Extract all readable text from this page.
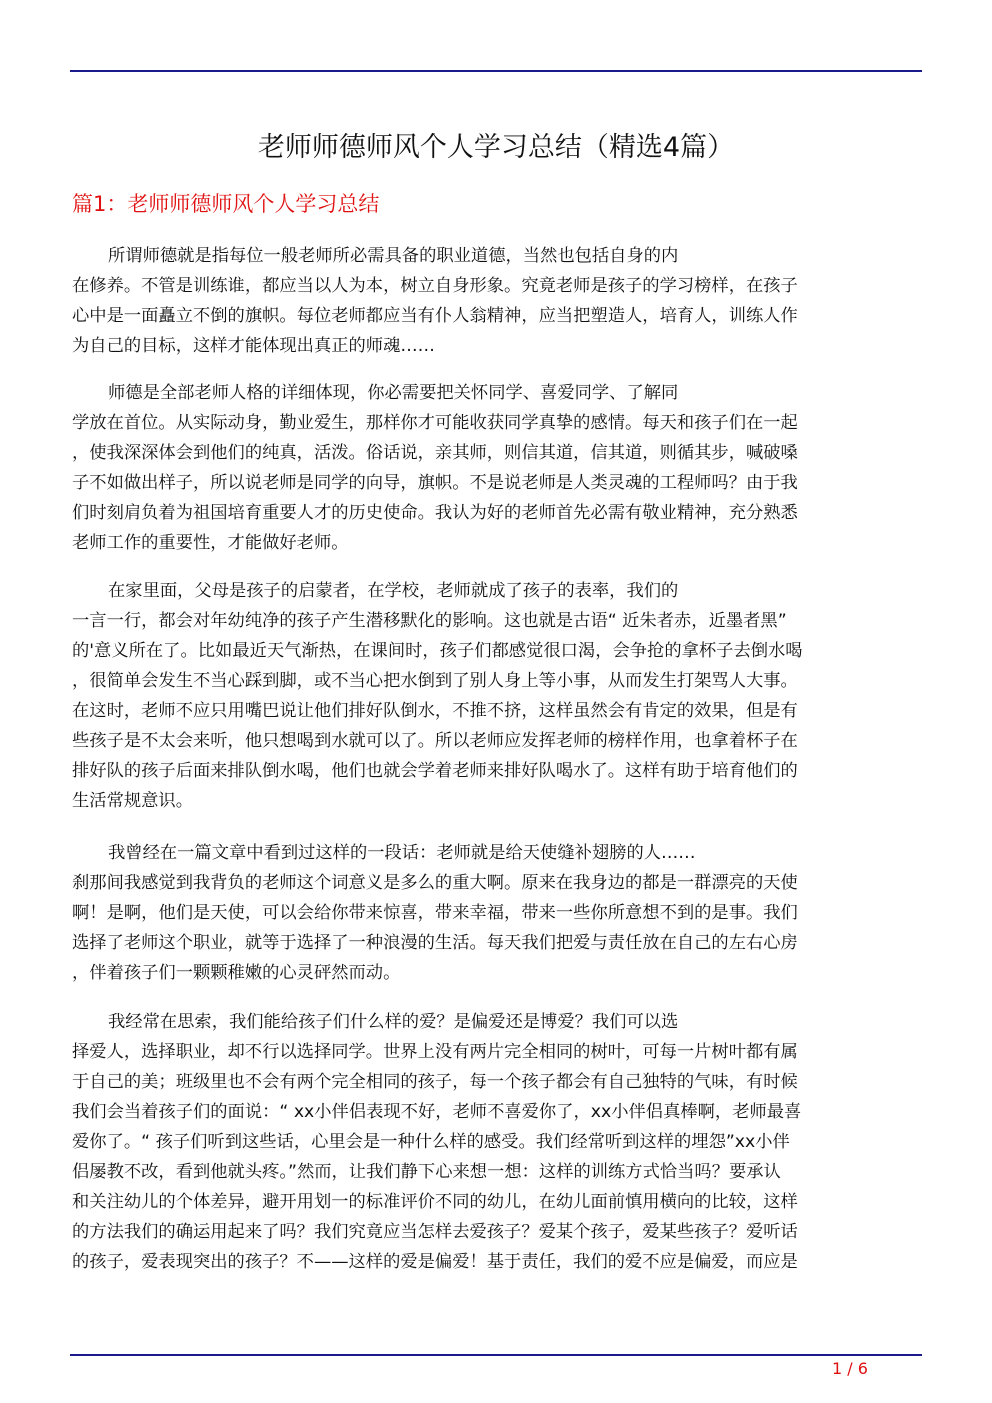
老师师德师风个人学习总结（精选4篇）
篇1：老师师德师风个人学习总结
所谓师德就是指每位一般老师所必需具备的职业道德，当然也包括自身的内
在修养。不管是训练谁，都应当以人为本，树立自身形象。究竟老师是孩子的学习榜样，在孩子
心中是一面矗立不倒的旗帜。每位老师都应当有仆人翁精神，应当把塑造人，培育人，训练人作
为自己的目标，这样才能体现出真正的师魂……
师德是全部老师人格的详细体现，你必需要把关怀同学、喜爱同学、了解同
学放在首位。从实际动身，勤业爱生，那样你才可能收获同学真挚的感情。每天和孩子们在一起
，使我深深体会到他们的纯真，活泼。俗话说，亲其师，则信其道，信其道，则循其步，喊破嗓
子不如做出样子，所以说老师是同学的向导，旗帜。不是说老师是人类灵魂的工程师吗？由于我
们时刻肩负着为祖国培育重要人才的历史使命。我认为好的老师首先必需有敬业精神，充分熟悉
老师工作的重要性，才能做好老师。
在家里面，父母是孩子的启蒙者，在学校，老师就成了孩子的表率，我们的
一言一行，都会对年幼纯净的孩子产生潜移默化的影响。这也就是古语“ 近朱者赤，近墨者黑”
的'意义所在了。比如最近天气渐热，在课间时，孩子们都感觉很口渴，会争抢的拿杯子去倒水喝
，很简单会发生不当心踩到脚，或不当心把水倒到了别人身上等小事，从而发生打架骂人大事。
在这时，老师不应只用嘴巴说让他们排好队倒水，不推不挤，这样虽然会有肯定的效果，但是有
些孩子是不太会来听，他只想喝到水就可以了。所以老师应发挥老师的榜样作用，也拿着杯子在
排好队的孩子后面来排队倒水喝，他们也就会学着老师来排好队喝水了。这样有助于培育他们的
生活常规意识。
我曾经在一篇文章中看到过这样的一段话：老师就是给天使缝补翅膀的人……
刹那间我感觉到我背负的老师这个词意义是多么的重大啊。原来在我身边的都是一群漂亮的天使
啊！是啊，他们是天使，可以会给你带来惊喜，带来幸福，带来一些你所意想不到的是事。我们
选择了老师这个职业，就等于选择了一种浪漫的生活。每天我们把爱与责任放在自己的左右心房
，伴着孩子们一颗颗稚嫩的心灵砰然而动。
我经常在思索，我们能给孩子们什么样的爱？是偏爱还是博爱？我们可以选
择爱人，选择职业，却不行以选择同学。世界上没有两片完全相同的树叶，可每一片树叶都有属
于自己的美；班级里也不会有两个完全相同的孩子，每一个孩子都会有自己独特的气味，有时候
我们会当着孩子们的面说：“ xx小伴侣表现不好，老师不喜爱你了，xx小伴侣真棒啊，老师最喜
爱你了。“ 孩子们听到这些话，心里会是一种什么样的感受。我们经常听到这样的埋怨”xx小伴
侣屡教不改，看到他就头疼。”然而，让我们静下心来想一想：这样的训练方式恰当吗？要承认
和关注幼儿的个体差异，避开用划一的标准评价不同的幼儿，在幼儿面前慎用横向的比较，这样
的方法我们的确运用起来了吗？我们究竟应当怎样去爱孩子？爱某个孩子，爱某些孩子？爱听话
的孩子，爱表现突出的孩子？不——这样的爱是偏爱！基于责任，我们的爱不应是偏爱，而应是
1 / 6
